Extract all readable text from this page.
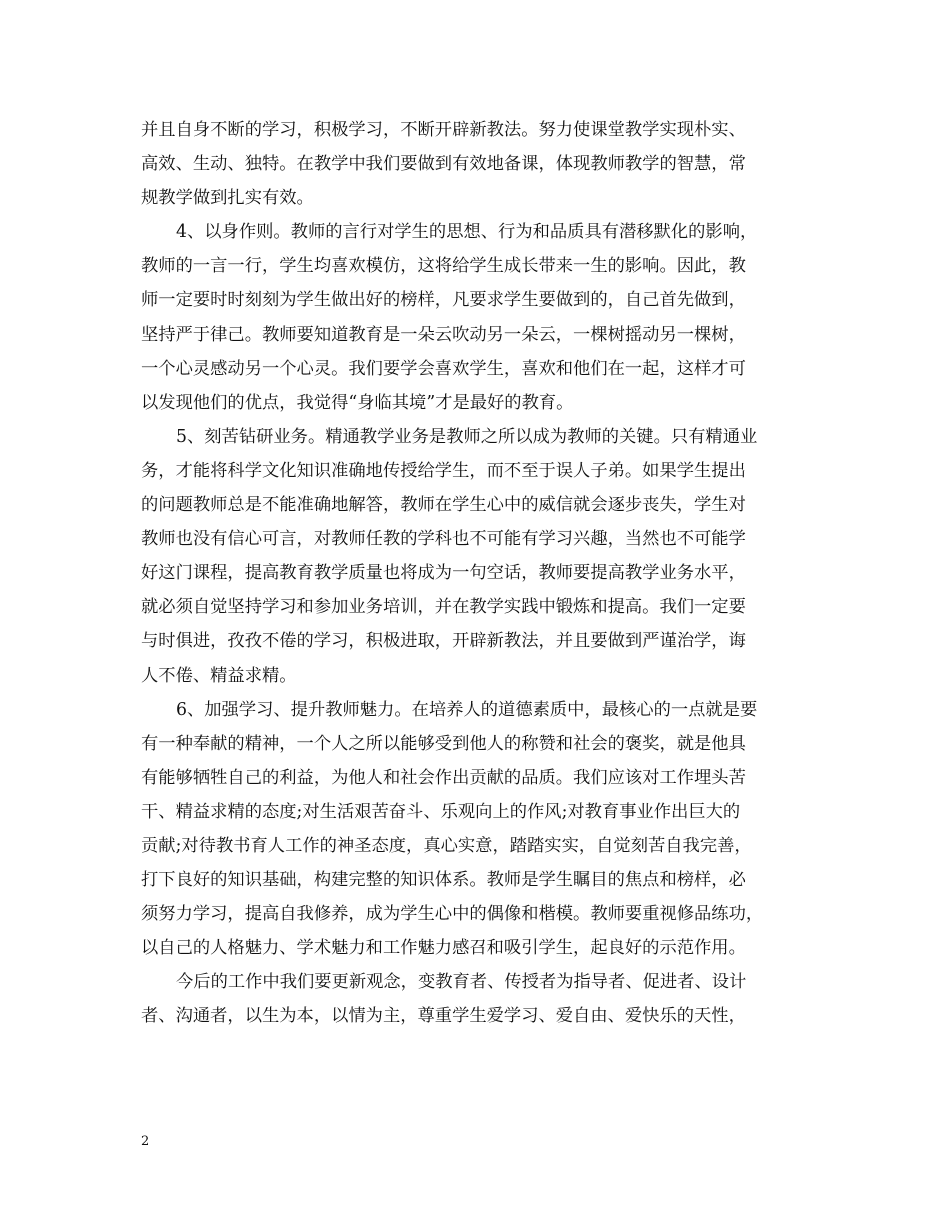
并且自身不断的学习，积极学习，不断开辟新教法。努力使课堂教学实现朴实、
高效、生动、独特。在教学中我们要做到有效地备课，体现教师教学的智慧，常
规教学做到扎实有效。
4、以身作则。教师的言行对学生的思想、行为和品质具有潜移默化的影响，
教师的一言一行，学生均喜欢模仿，这将给学生成长带来一生的影响。因此，教
师一定要时时刻刻为学生做出好的榜样，凡要求学生要做到的，自己首先做到，
坚持严于律己。教师要知道教育是一朵云吹动另一朵云，一棵树摇动另一棵树，
一个心灵感动另一个心灵。我们要学会喜欢学生，喜欢和他们在一起，这样才可
以发现他们的优点，我觉得“身临其境”才是最好的教育。
5、刻苦钻研业务。精通教学业务是教师之所以成为教师的关键。只有精通业
务，才能将科学文化知识准确地传授给学生，而不至于误人子弟。如果学生提出
的问题教师总是不能准确地解答，教师在学生心中的威信就会逐步丧失，学生对
教师也没有信心可言，对教师任教的学科也不可能有学习兴趣，当然也不可能学
好这门课程，提高教育教学质量也将成为一句空话，教师要提高教学业务水平，
就必须自觉坚持学习和参加业务培训，并在教学实践中锻炼和提高。我们一定要
与时俱进，孜孜不倦的学习，积极进取，开辟新教法，并且要做到严谨治学，诲
人不倦、精益求精。
6、加强学习、提升教师魅力。在培养人的道德素质中，最核心的一点就是要
有一种奉献的精神，一个人之所以能够受到他人的称赞和社会的褒奖，就是他具
有能够牺牲自己的利益，为他人和社会作出贡献的品质。我们应该对工作埋头苦
干、精益求精的态度;对生活艰苦奋斗、乐观向上的作风;对教育事业作出巨大的
贡献;对待教书育人工作的神圣态度，真心实意，踏踏实实，自觉刻苦自我完善，
打下良好的知识基础，构建完整的知识体系。教师是学生瞩目的焦点和榜样，必
须努力学习，提高自我修养，成为学生心中的偶像和楷模。教师要重视修品练功，
以自己的人格魅力、学术魅力和工作魅力感召和吸引学生，起良好的示范作用。
今后的工作中我们要更新观念，变教育者、传授者为指导者、促进者、设计
者、沟通者，以生为本，以情为主，尊重学生爱学习、爱自由、爱快乐的天性，
2
